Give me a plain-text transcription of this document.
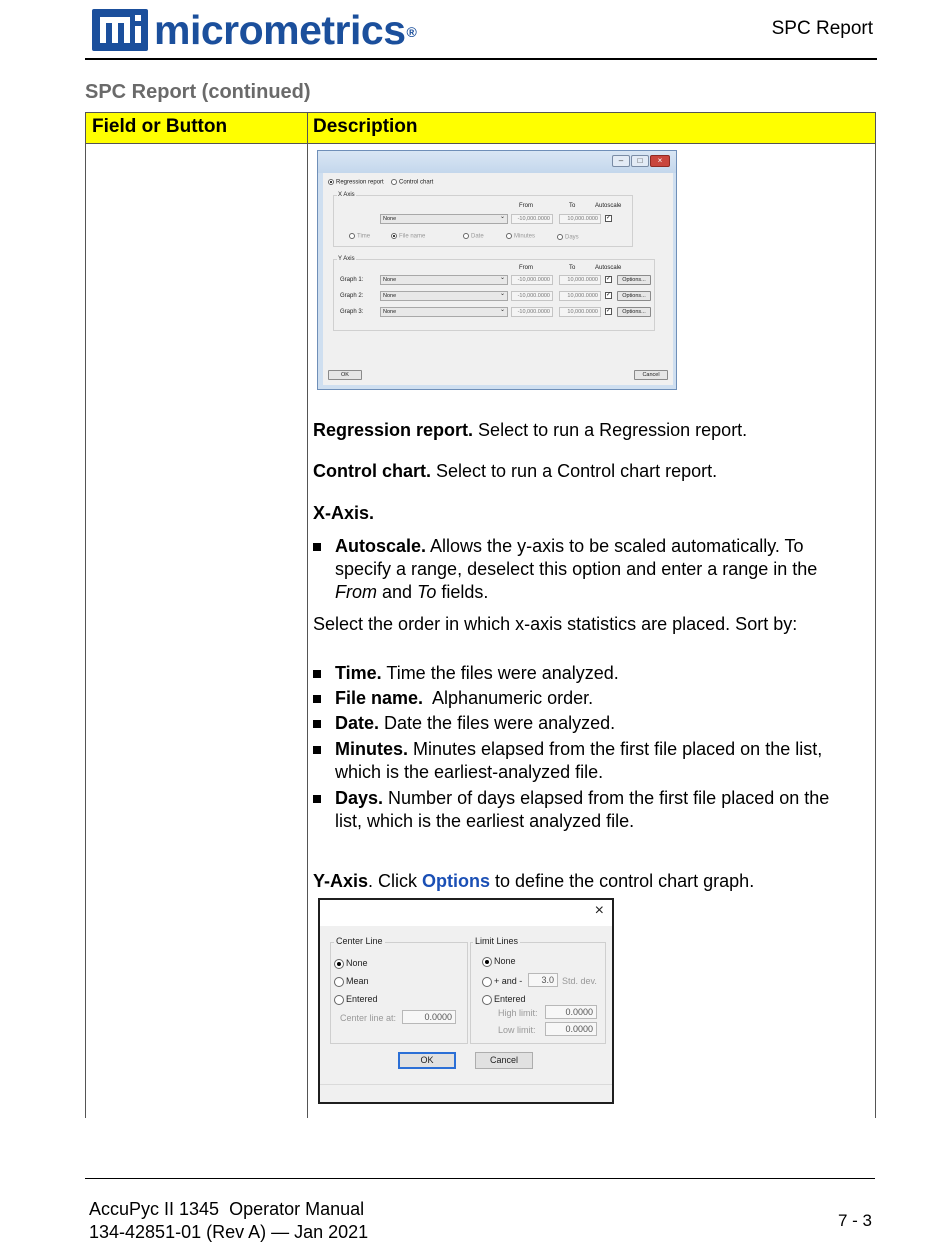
micrometrics®	SPC Report
SPC Report (continued)
Field or Button	Description
–	□	×
Regression report	Control chart
X Axis
From	To	Autoscale
None ⌄	-10,000.0000	10,000.0000	✓
Time	File name	Date	Minutes	Days
Y Axis
From	To	Autoscale
Graph 1:	None ⌄	-10,000.0000	10,000.0000	✓	Options...
Graph 2:	None ⌄	-10,000.0000	10,000.0000	✓	Options...
Graph 3:	None ⌄	-10,000.0000	10,000.0000	✓	Options...
OK	Cancel
Regression report. Select to run a Regression report.
Control chart. Select to run a Control chart report.
X-Axis.
Autoscale. Allows the y-axis to be scaled automatically. To specify a range, deselect this option and enter a range in the From and To fields.
Select the order in which x-axis statistics are placed. Sort by:
Time. Time the files were analyzed.
File name.  Alphanumeric order.
Date. Date the files were analyzed.
Minutes. Minutes elapsed from the first file placed on the list, which is the earliest-analyzed file.
Days. Number of days elapsed from the first file placed on the list, which is the earliest analyzed file.
Y-Axis. Click Options to define the control chart graph.
×
Center Line
None
Mean
Entered
Center line at:	0.0000
Limit Lines
None
+ and -	3.0 Std. dev.
Entered
High limit:	0.0000
Low limit:	0.0000
OK	Cancel
AccuPyc II 1345  Operator Manual
134-42851-01 (Rev A) — Jan 2021
7 - 3
